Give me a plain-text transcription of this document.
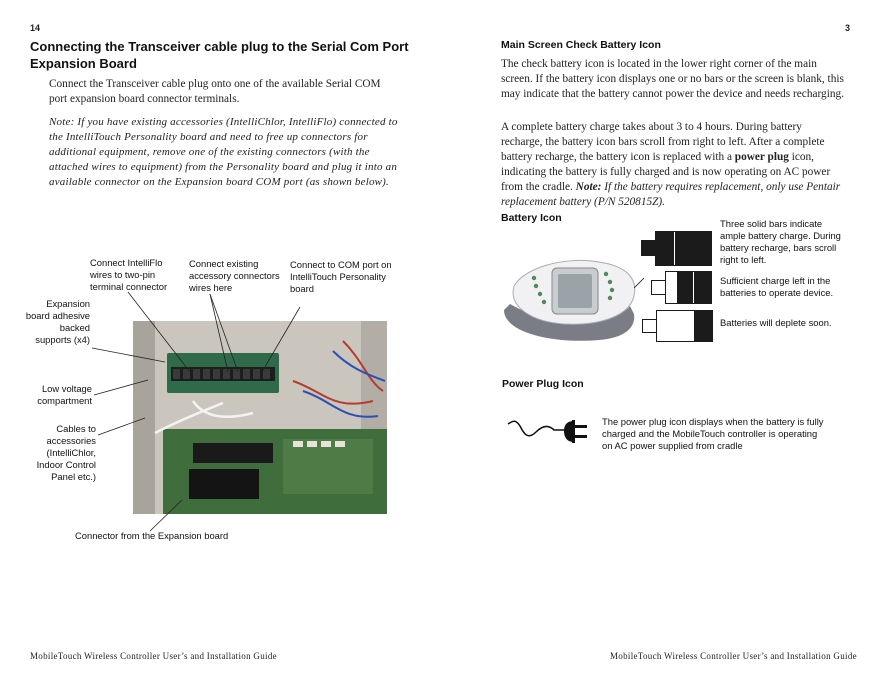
14
Connecting the Transceiver cable plug to the Serial Com Port Expansion Board
Connect the Transceiver cable plug onto one of the available Serial COM port expansion board connector terminals.
Note: If you have existing accessories (IntelliChlor, IntelliFlo) connected to the IntelliTouch Personality board and need to free up connectors for additional equipment, remove one of the existing connectors (with the attached wires to equipment) from the Personality board and plug it into an available connector on the Expansion board COM port (as shown below).
Connect IntelliFlo wires to two-pin terminal connector
Connect existing accessory connectors wires here
Connect to COM port on IntelliTouch Personality board
Expansion board adhesive backed supports (x4)
Low voltage compartment
Cables to accessories (IntelliChlor, Indoor Control Panel etc.)
Connector from the Expansion board
MobileTouch Wireless Controller User’s and Installation Guide
3
Main Screen Check Battery Icon
The check battery icon is located in the lower right corner of the main screen. If the battery icon displays one or no bars or the screen is blank, this may indicate that the battery cannot power the device and needs recharging.
A complete battery charge takes about 3 to 4 hours. During battery recharge, the battery icon bars scroll from right to left. After a complete battery recharge, the battery icon is replaced with a power plug icon, indicating the battery is fully charged and is now operating on AC power from the cradle. Note: If the battery requires replacement, only use Pentair replacement battery (P/N 520815Z).
Battery Icon	Three solid bars indicate ample battery charge. During battery recharge, bars scroll right to left.
Sufficient charge left in the batteries to operate device.
Batteries will deplete soon.
Power Plug Icon
The power plug icon displays when the battery is fully charged and the MobileTouch controller is operating on AC power supplied from cradle
MobileTouch Wireless Controller User’s and Installation Guide
